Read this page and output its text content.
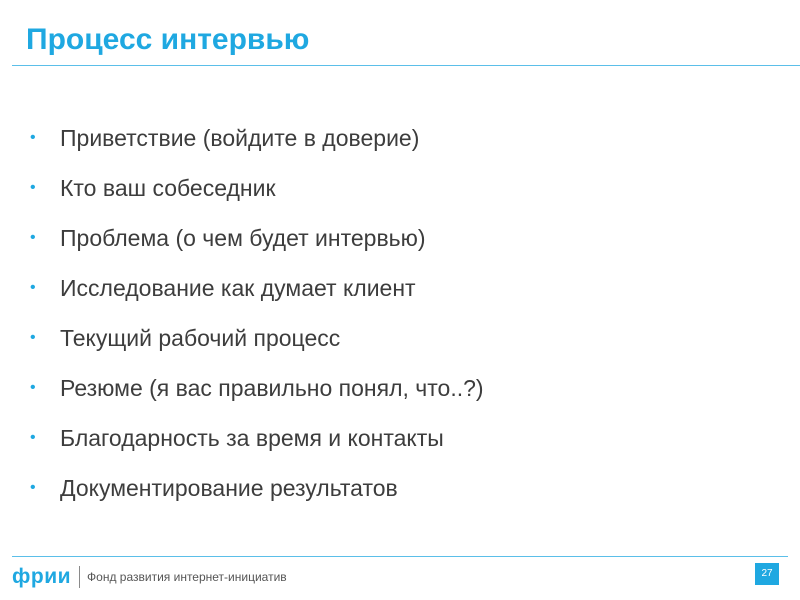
Процесс интервью
• Приветствие (войдите в доверие)
• Кто ваш собеседник
• Проблема (о чем будет интервью)
• Исследование как думает клиент
• Текущий рабочий процесс
• Резюме (я вас правильно понял, что..?)
• Благодарность за время и контакты
• Документирование результатов
фрии Фонд развития интернет-инициатив	27
